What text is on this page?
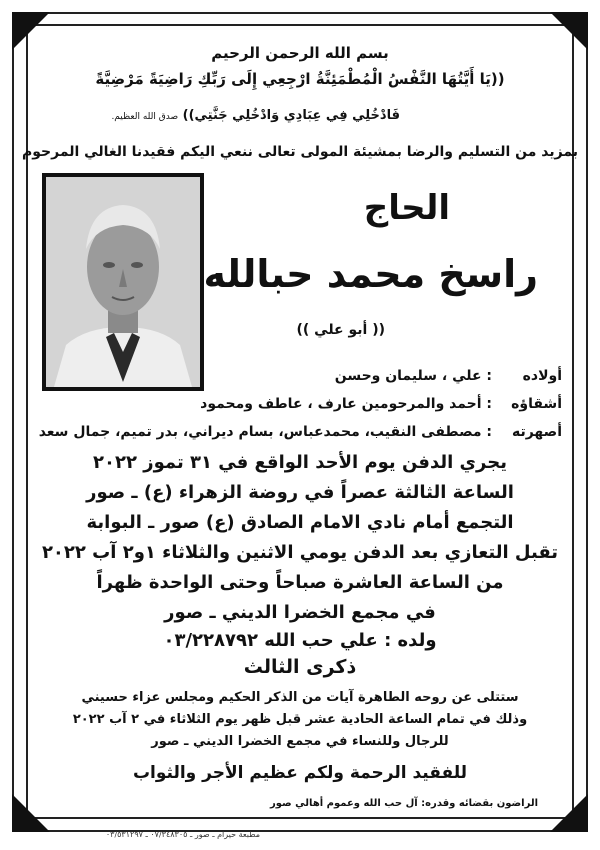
بسم الله الرحمن الرحيم
((يَا أَيَّتُهَا النَّفْسُ الْمُطْمَئِنَّةُ ارْجِعِي إِلَى رَبِّكِ رَاضِيَةً مَرْضِيَّةً
فَادْخُلِي فِي عِبَادِي وَادْخُلِي جَنَّتِي)) صدق الله العظيم.
بمزيد من التسليم والرضا بمشيئة المولى تعالى ننعي اليكم فقيدنا الغالي المرحوم
الحاج
راسخ محمد حبالله
(( أبو علي ))
أولاده: علي ، سليمان وحسن
أشقاؤه: أحمد والمرحومين عارف ، عاطف ومحمود
أصهرته: مصطفى النقيب، محمدعباس، بسام ديراني، بدر تميم، جمال سعد
يجري الدفن يوم الأحد الواقع في ٣١ تموز ٢٠٢٢
الساعة الثالثة عصراً في روضة الزهراء (ع) ـ صور
التجمع أمام نادي الامام الصادق (ع) صور ـ البوابة
تقبل التعازي بعد الدفن يومي الاثنين والثلاثاء ١و٢ آب ٢٠٢٢
من الساعة العاشرة صباحاً وحتى الواحدة ظهراً
في مجمع الخضرا الديني ـ صور
ولده : علي حب الله ٠٣/٢٢٨٧٩٢
ذكرى الثالث
ستتلى عن روحه الطاهرة آيات من الذكر الحكيم ومجلس عزاء حسيني
وذلك في تمام الساعة الحادية عشر قبل ظهر يوم الثلاثاء في ٢ آب ٢٠٢٢
للرجال وللنساء في مجمع الخضرا الديني ـ صور
للفقيد الرحمة ولكم عظيم الأجر والثواب
الراضون بقضائه وقدره: آل حب الله وعموم أهالي صور
مطبعة حيرام ـ صور ـ ٠٧/٣٤٨٣٠٥ ـ ٠٣/٥٣١٢٩٧
